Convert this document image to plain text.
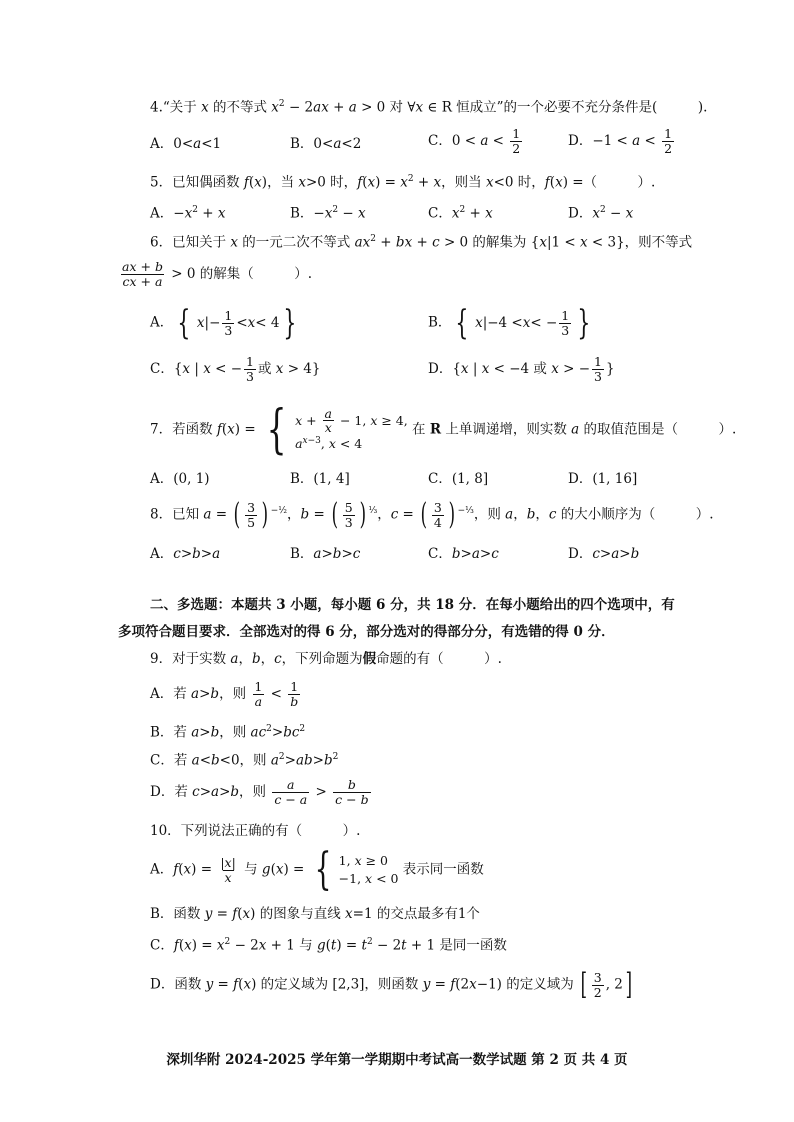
4.“关于 x 的不等式 $x^2 - 2ax + a > 0$ 对 ∀x ∈ R 恒成立”的一个必要不充分条件是(　　　).
A．0<a<1	B．0<a<2	C．$0 < a < \frac{1}{2}$	D．$-1 < a < \frac{1}{2}$
5．已知偶函数 f(x)，当 x>0 时，$f(x) = x^2 + x$，则当 x<0 时，f(x) =（　　　）.
A．$-x^2 + x$	B．$-x^2 - x$	C．$x^2 + x$	D．$x^2 - x$
6．已知关于 x 的一元二次不等式 $ax^2$ + bx + c > 0 的解集为 {x|1 < x < 3}，则不等式
$\frac{ax + b}{cx + a} > 0$ 的解集（　　　）.
A． { x |− $\frac{1}{3} < x < 4$ }	B． { x |−4 < x < − $\frac{1}{3}$ }
C．{x | x < − $\frac{1}{3}$ 或 x > 4}	D．{x | x < −4 或 x > − $\frac{1}{3}$ }
7．若函数 f(x) = { $x + \frac{a}{x} - 1$, x ≥ 4,
$a^{x-3}$, x < 4
在 R 上单调递增，则实数 a 的取值范围是（　　　）.
A．(0, 1)	B．(1, 4]	C．(1, 8]	D．(1, 16]
8．已知 a = ( $\frac{3}{5}$ ) $^{-\frac{1}{2}}$，b = ( $\frac{5}{3}$ ) $^{\frac{1}{3}}$，c = ( $\frac{3}{4}$ ) $^{-\frac{1}{3}}$，则 a，b，c 的大小顺序为（　　　）.
A．c>b>a	B．a>b>c	C．b>a>c	D．c>a>b
二、多选题：本题共 3 小题，每小题 6 分，共 18 分．在每小题给出的四个选项中，有
多项符合题目要求．全部选对的得 6 分，部分选对的得部分分，有选错的得 0 分．
9．对于实数 a，b，c，下列命题为假命题的有（　　　）.
A．若 a>b，则 $\frac{1}{a} < \frac{1}{b}$
B．若 a>b，则 $ac^2>bc^2$
C．若 a<b<0，则 $a^2>ab>b^2$
D．若 c>a>b，则 $\frac{a}{c - a} > \frac{b}{c - b}$
10．下列说法正确的有（　　　）.
A．$f(x) = \frac{|x|}{x}$ 与 g(x) = { 1, x ≥ 0
−1, x < 0
表示同一函数
B．函数 y = f(x) 的图象与直线 x=1 的交点最多有1个
C．$f(x) = x^2 - 2x + 1$ 与 $g(t) = t^2 - 2t + 1$ 是同一函数
D．函数 y = f(x) 的定义域为 [2,3]，则函数 y = f(2x−1) 的定义域为 [ $\frac{3}{2}$ , 2]
深圳华附 2024-2025 学年第一学期期中考试高一数学试题 第 2 页 共 4 页
